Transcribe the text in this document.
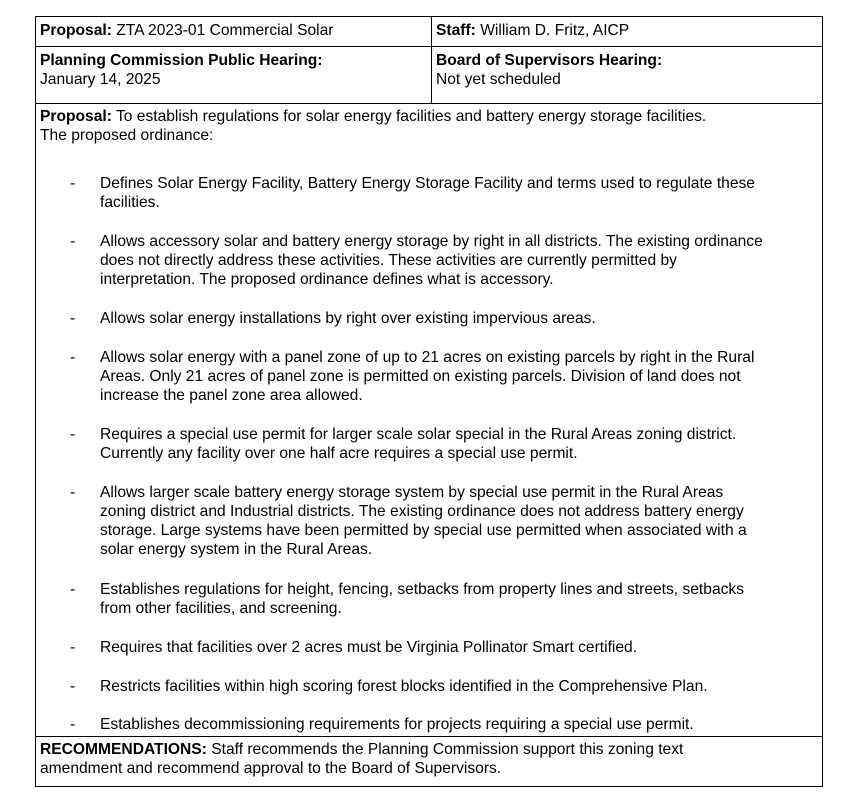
Proposal: ZTA 2023-01 Commercial Solar	Staff: William D. Fritz, AICP
Planning Commission Public Hearing:
January 14, 2025
Board of Supervisors Hearing:
Not yet scheduled
Proposal: To establish regulations for solar energy facilities and battery energy storage facilities.
The proposed ordinance:
- Defines Solar Energy Facility, Battery Energy Storage Facility and terms used to regulate these
facilities.
- Allows accessory solar and battery energy storage by right in all districts. The existing ordinance
does not directly address these activities. These activities are currently permitted by
interpretation. The proposed ordinance defines what is accessory.
- Allows solar energy installations by right over existing impervious areas.
- Allows solar energy with a panel zone of up to 21 acres on existing parcels by right in the Rural
Areas. Only 21 acres of panel zone is permitted on existing parcels. Division of land does not
increase the panel zone area allowed.
- Requires a special use permit for larger scale solar special in the Rural Areas zoning district.
Currently any facility over one half acre requires a special use permit.
- Allows larger scale battery energy storage system by special use permit in the Rural Areas
zoning district and Industrial districts. The existing ordinance does not address battery energy
storage. Large systems have been permitted by special use permitted when associated with a
solar energy system in the Rural Areas.
- Establishes regulations for height, fencing, setbacks from property lines and streets, setbacks
from other facilities, and screening.
- Requires that facilities over 2 acres must be Virginia Pollinator Smart certified.
- Restricts facilities within high scoring forest blocks identified in the Comprehensive Plan.
- Establishes decommissioning requirements for projects requiring a special use permit.
RECOMMENDATIONS: Staff recommends the Planning Commission support this zoning text
amendment and recommend approval to the Board of Supervisors.
